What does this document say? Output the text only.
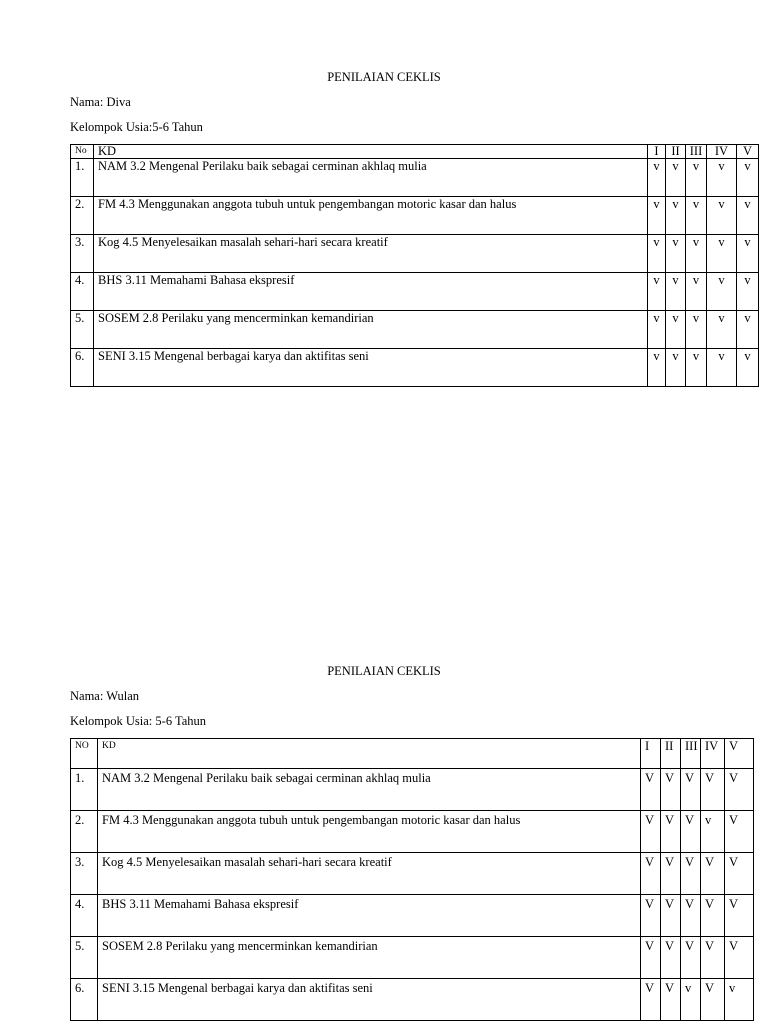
PENILAIAN CEKLIS
Nama: Diva
Kelompok Usia:5-6 Tahun
No	KD	I	II	III	IV	V
1.	NAM 3.2 Mengenal Perilaku baik sebagai cerminan akhlaq mulia	v	v	v	v	v
2.	FM 4.3 Menggunakan anggota tubuh untuk pengembangan motoric kasar dan halus	v	v	v	v	v
3.	Kog 4.5 Menyelesaikan masalah sehari-hari secara kreatif	v	v	v	v	v
4.	BHS 3.11 Memahami Bahasa ekspresif	v	v	v	v	v
5.	SOSEM 2.8 Perilaku yang mencerminkan kemandirian	v	v	v	v	v
6.	SENI 3.15 Mengenal berbagai karya dan aktifitas seni	v	v	v	v	v
PENILAIAN CEKLIS
Nama: Wulan
Kelompok Usia: 5-6 Tahun
NO	KD	I	II	III	IV	V
1.	NAM 3.2 Mengenal Perilaku baik sebagai cerminan akhlaq mulia	V	V	V	V	V
2.	FM 4.3 Menggunakan anggota tubuh untuk pengembangan motoric kasar dan halus	V	V	V	v	V
3.	Kog 4.5 Menyelesaikan masalah sehari-hari secara kreatif	V	V	V	V	V
4.	BHS 3.11 Memahami Bahasa ekspresif	V	V	V	V	V
5.	SOSEM 2.8 Perilaku yang mencerminkan kemandirian	V	V	V	V	V
6.	SENI 3.15 Mengenal berbagai karya dan aktifitas seni	V	V	v	V	v
